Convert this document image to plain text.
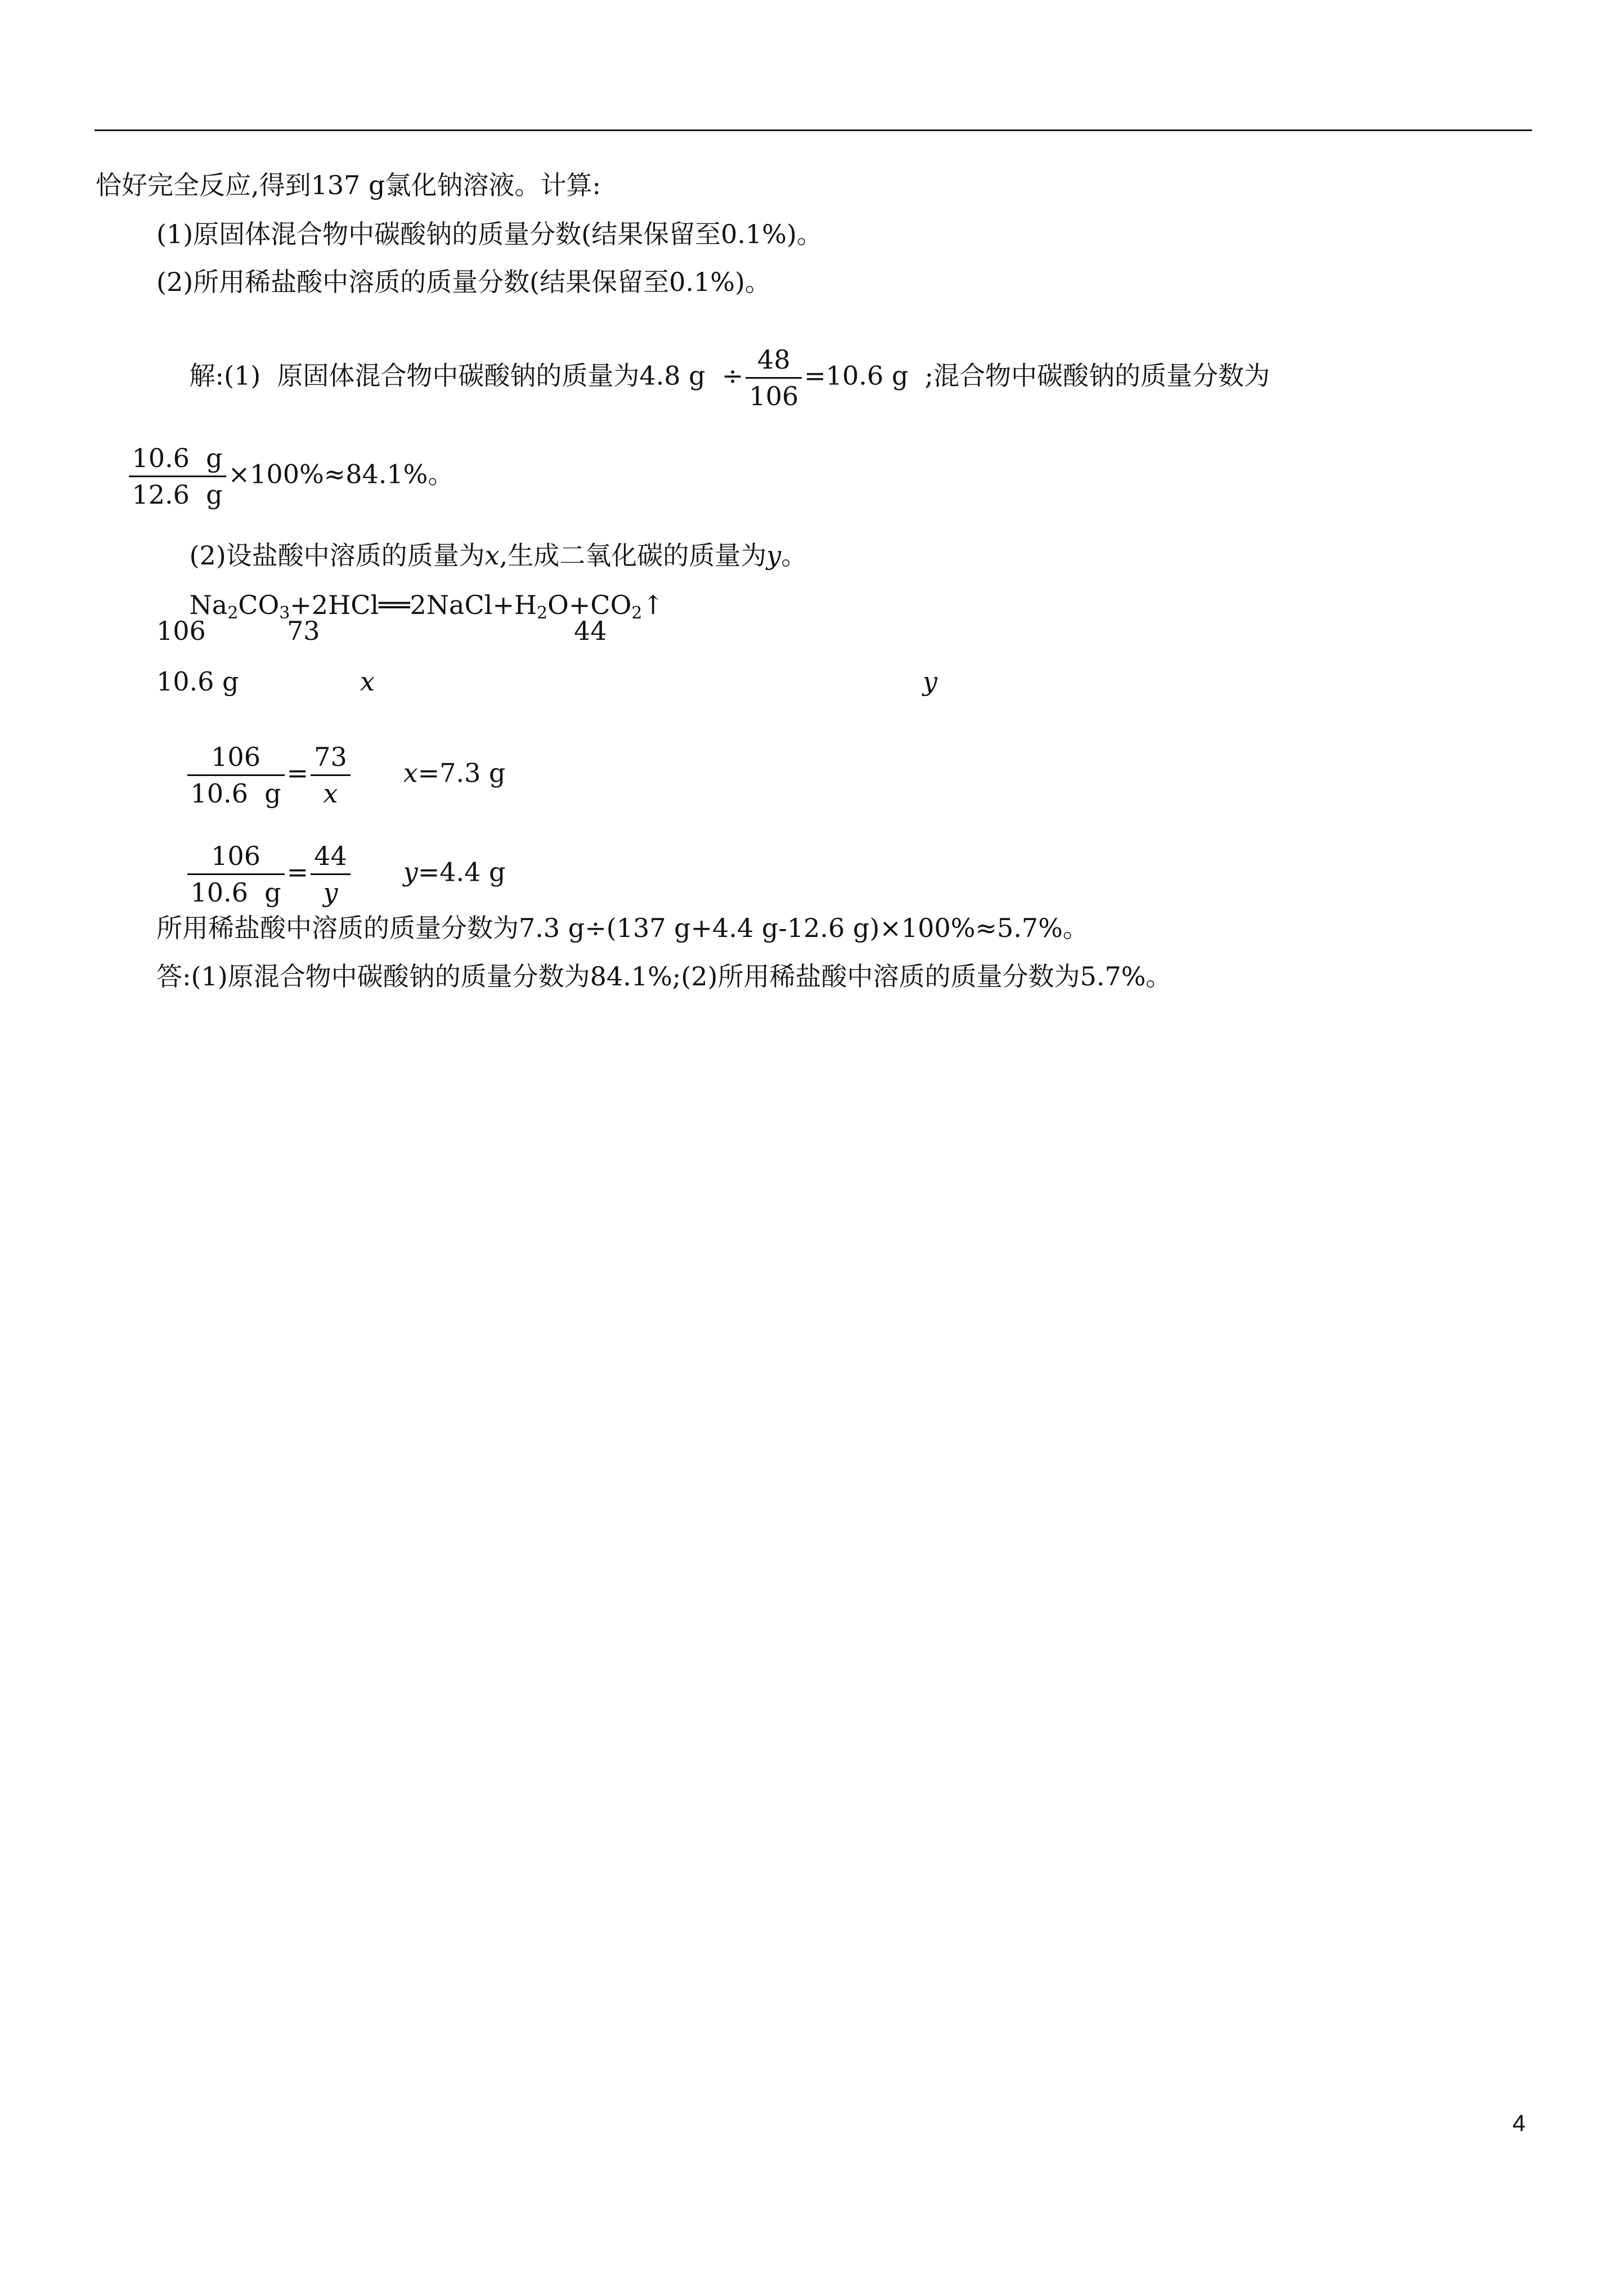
恰好完全反应,得到137 g氯化钠溶液。计算:
(1)原固体混合物中碳酸钠的质量分数(结果保留至0.1%)。
(2)所用稀盐酸中溶质的质量分数(结果保留至0.1%)。

解:(1)  原固体混合物中碳酸钠的质量为4.8 $g \div \frac{48}{106} =10.6$ g  ;混合物中碳酸钠的质量分数为

$\frac{10.6 g}{12.6 g} \times 100\%\approx 84.1\%$。

(2)设盐酸中溶质的质量为x,生成二氧化碳的质量为y。

$Na_2CO_3+2HCl══2NaCl+H_2O+CO_2↑$

106	73	44
10.6 g	x	y

$\frac{106}{10.6 g} = \frac{73}{x} x=7.3$ g

$\frac{106}{10.6 g} = \frac{44}{y} y=4.4$ g

所用稀盐酸中溶质的质量分数为7.3 g÷(137 g+4.4 g-12.6 g)×100%≈5.7%。
答:(1)原混合物中碳酸钠的质量分数为84.1%;(2)所用稀盐酸中溶质的质量分数为5.7%。
4
